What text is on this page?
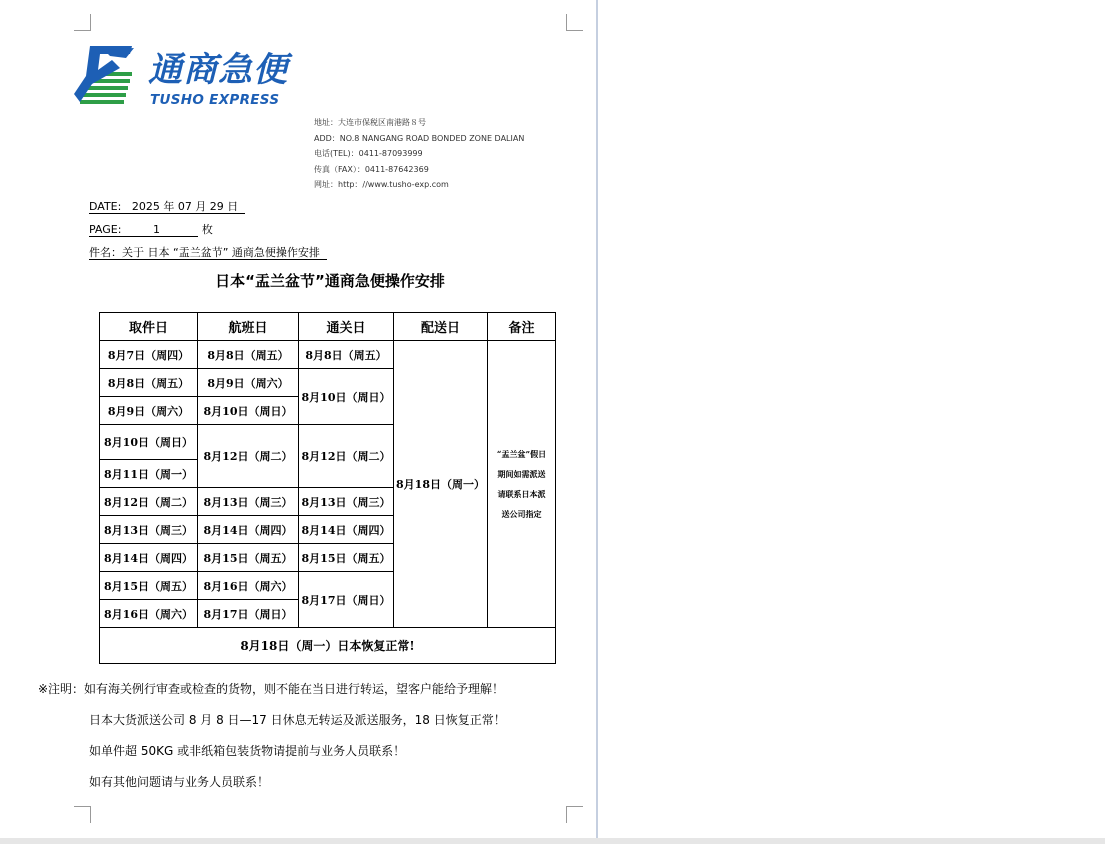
通商急便
TUSHO EXPRESS
地址：大连市保税区南港路８号
ADD：NO.8 NANGANG ROAD BONDED ZONE DALIAN
电话(TEL)：0411-87093999
传真（FAX）：0411-87642369
网址：http：//www.tusho-exp.com
DATE: 2025 年 07 月 29 日
PAGE:	1	枚
件名：关于 日本 “盂兰盆节” 通商急便操作安排
日本“盂兰盆节”通商急便操作安排
取件日	航班日	通关日	配送日	备注
8月7日（周四）	8月8日（周五）	8月8日（周五）	8月18日（周一）	“盂兰盆”假日期间如需派送请联系日本派送公司指定
8月8日（周五）	8月9日（周六）	8月10日（周日）		
8月9日（周六）	8月10日（周日）			
8月10日（周日）	8月12日（周二）	8月12日（周二）		
8月11日（周一）				
8月12日（周二）	8月13日（周三）	8月13日（周三）		
8月13日（周三）	8月14日（周四）	8月14日（周四）		
8月14日（周四）	8月15日（周五）	8月15日（周五）		
8月15日（周五）	8月16日（周六）	8月17日（周日）		
8月16日（周六）	8月17日（周日）			
8月18日（周一）日本恢复正常!				
※注明：如有海关例行审查或检查的货物，则不能在当日进行转运，望客户能给予理解！
日本大货派送公司 8 月 8 日—17 日休息无转运及派送服务，18 日恢复正常！
如单件超 50KG 或非纸箱包装货物请提前与业务人员联系！
如有其他问题请与业务人员联系！
